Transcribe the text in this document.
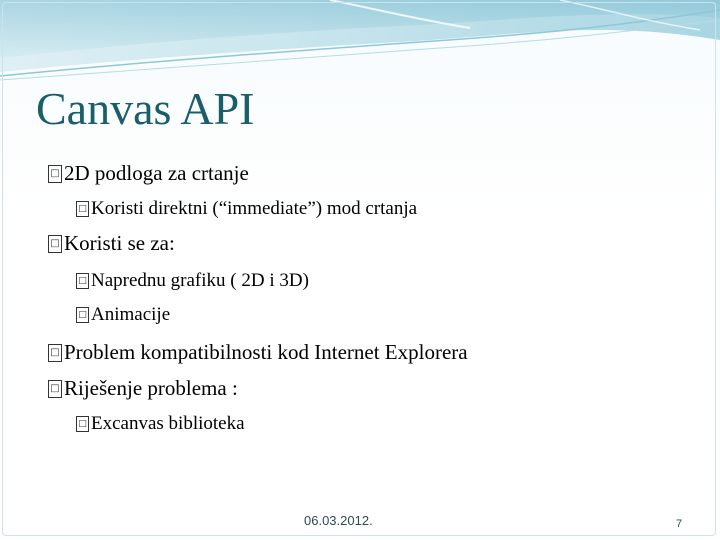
Canvas API
□ 2D podloga za crtanje
□ Koristi direktni (“immediate”) mod crtanja
□ Koristi se za:
□ Naprednu grafiku ( 2D i 3D)
□ Animacije
□ Problem kompatibilnosti kod Internet Explorera
□ Riješenje problema :
□ Excanvas biblioteka
06.03.2012.	7
